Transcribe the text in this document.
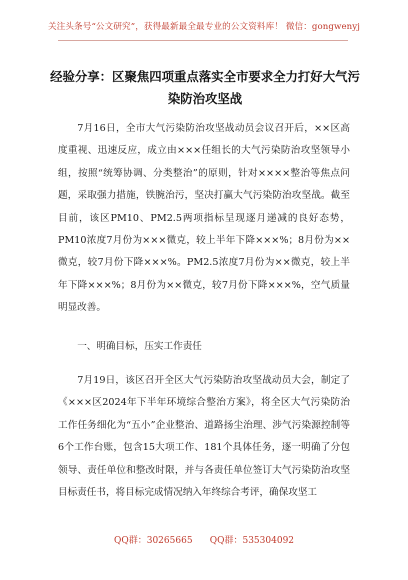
关注头条号“公文研究”，获得最新最全最专业的公文资料库！ 微信：gongwenyj
经验分享：区聚焦四项重点落实全市要求全力打好大气污
染防治攻坚战

7月16日，全市大气污染防治攻坚战动员会议召开后，××区高度重视、迅速反应，成立由×××任组长的大气污染防治攻坚领导小组，按照“统筹协调、分类整治”的原则，针对××××整治等焦点问题，采取强力措施，铁腕治污，坚决打赢大气污染防治攻坚战。截至目前，该区PM10、PM2.5两项指标呈现逐月递减的良好态势，PM10浓度7月份为×××微克，较上半年下降×××%；8月份为××微克，较7月份下降×××%。PM2.5浓度7月份为××微克，较上半年下降×××%；8月份为××微克，较7月份下降×××%，空气质量明显改善。

一、明确目标，压实工作责任

7月19日，该区召开全区大气污染防治攻坚战动员大会，制定了《×××区2024年下半年环境综合整治方案》，将全区大气污染防治工作任务细化为“五小”企业整治、道路扬尘治理、涉气污染源控制等6个工作台账，包含15大项工作、181个具体任务，逐一明确了分包领导、责任单位和整改时限，并与各责任单位签订大气污染防治攻坚目标责任书，将目标完成情况纳入年终综合考评，确保攻坚工

QQ群：30265665 QQ群：535304092
